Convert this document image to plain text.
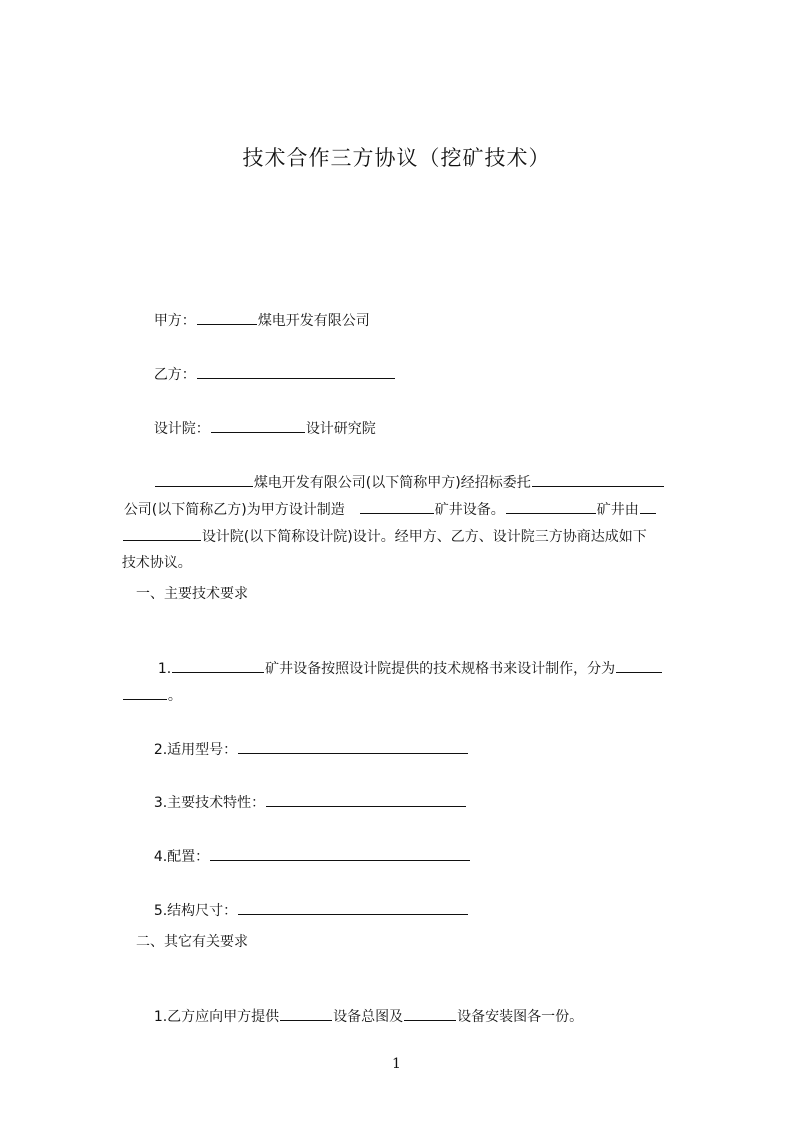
技术合作三方协议（挖矿技术）

甲方：	煤电开发有限公司

乙方：

设计院：	设计研究院

煤电开发有限公司(以下简称甲方)经招标委托

公司(以下简称乙方)为甲方设计制造	矿井设备。	矿井由

设计院(以下简称设计院)设计。经甲方、乙方、设计院三方协商达成如下

技术协议。

一、主要技术要求

1.	矿井设备按照设计院提供的技术规格书来设计制作，分为

。

2.适用型号：

3.主要技术特性：

4.配置：

5.结构尺寸：

二、其它有关要求

1.乙方应向甲方提供	设备总图及	设备安装图各一份。

1
